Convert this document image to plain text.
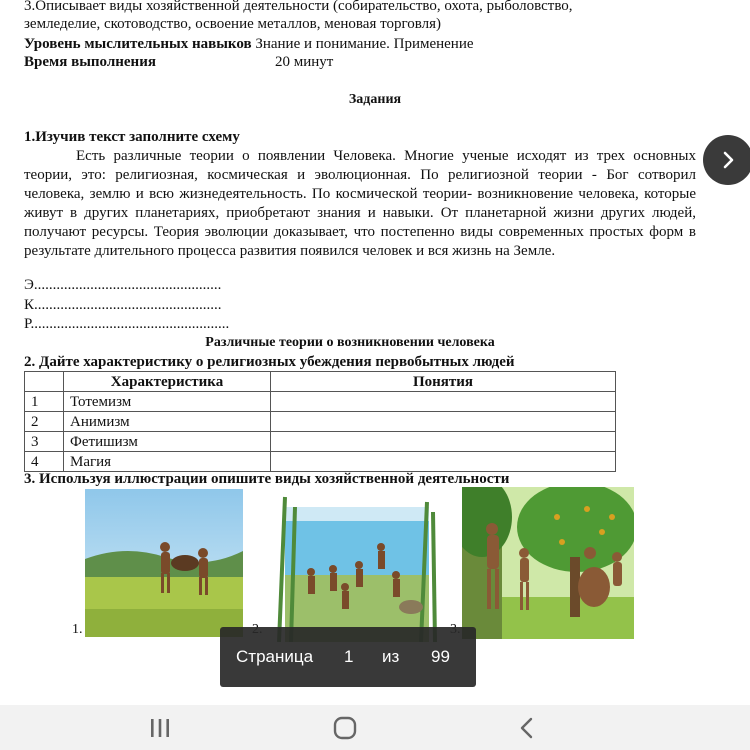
3.Описывает виды хозяйственной деятельности (собирательство, охота, рыболовство,
земледелие, скотоводство, освоение металлов, меновая торговля)
Уровень мыслительных навыков Знание и понимание. Применение
Время выполнения	20 минут
Задания
1.Изучив текст заполните схему
Есть различные теории о появлении Человека. Многие ученые исходят из трех основных теории, это: религиозная, космическая и эволюционная. По религиозной теории - Бог сотворил человека, землю и всю жизнедеятельность. По космической теории- возникновение человека, которые живут в других планетариях, приобретают знания и навыки. От планетарной жизни других людей, получают ресурсы. Теория эволюции доказывает, что постепенно виды современных простых форм в результате длительного процесса развития появился человек и вся жизнь на Земле.
Э..................................................
К..................................................
Р.....................................................
Различные теории о возникновении человека
2. Дайте характеристику о религиозных убеждения первобытных людей
	Характеристика	Понятия
1	Тотемизм	
2	Анимизм	
3	Фетишизм	
4	Магия	
3. Используя иллюстрации опишите виды хозяйственной деятельности
1.
Страница 1 из 99
